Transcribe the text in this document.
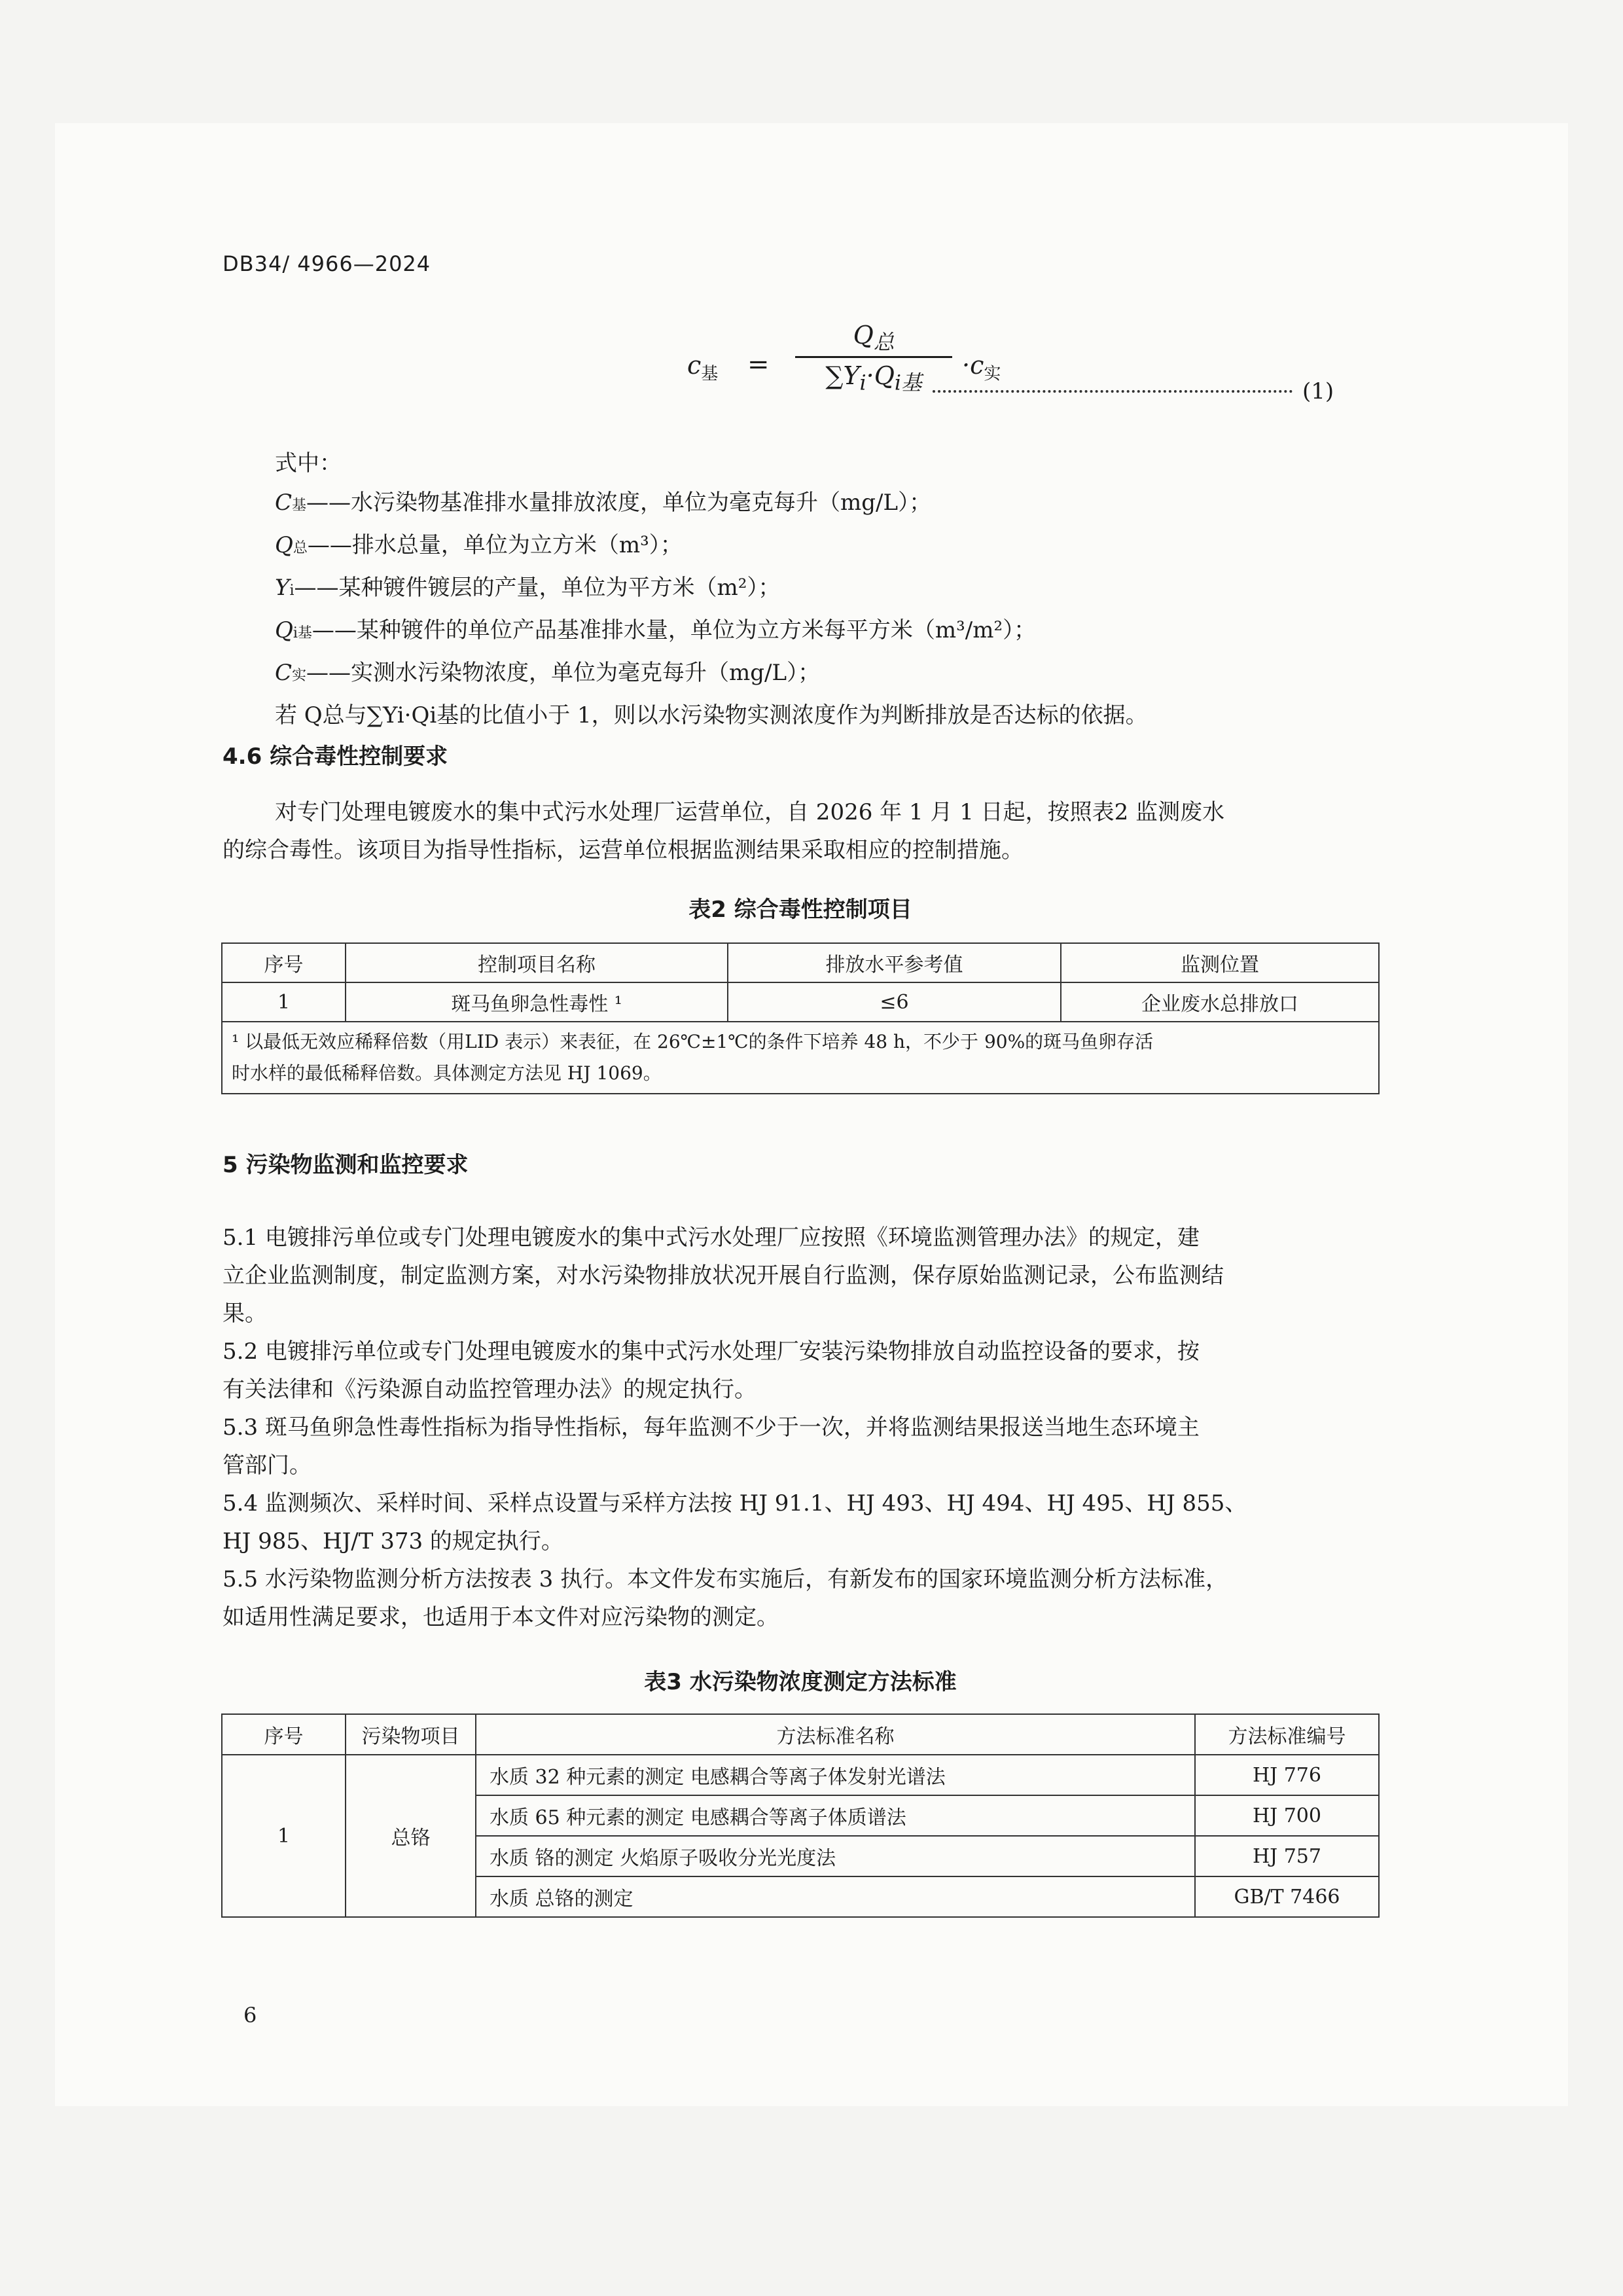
DB34/ 4966—2024
$c_基$ =
$Q_总$
$\sum Y_i\cdot Q_{i基}$
$\cdot c_实$
(1)
式中：
C基——水污染物基准排水量排放浓度，单位为毫克每升（mg/L）；
Q总——排水总量，单位为立方米（m³）；
Yi——某种镀件镀层的产量，单位为平方米（m²）；
Qi基——某种镀件的单位产品基准排水量，单位为立方米每平方米（m³/m²）；
C实——实测水污染物浓度，单位为毫克每升（mg/L）；
若 Q总与∑Yi·Qi基的比值小于 1，则以水污染物实测浓度作为判断排放是否达标的依据。
4.6 综合毒性控制要求
对专门处理电镀废水的集中式污水处理厂运营单位，自 2026 年 1 月 1 日起，按照表2 监测废水
的综合毒性。该项目为指导性指标，运营单位根据监测结果采取相应的控制措施。
表2 综合毒性控制项目
序号	控制项目名称	排放水平参考值	监测位置
1	斑马鱼卵急性毒性 ¹	≤6	企业废水总排放口

¹ 以最低无效应稀释倍数（用LID 表示）来表征，在 26℃±1℃的条件下培养 48 h，不少于 90%的斑马鱼卵存活
时水样的最低稀释倍数。具体测定方法见 HJ 1069。			
5 污染物监测和监控要求
5.1 电镀排污单位或专门处理电镀废水的集中式污水处理厂应按照《环境监测管理办法》的规定，建
立企业监测制度，制定监测方案，对水污染物排放状况开展自行监测，保存原始监测记录，公布监测结
果。
5.2 电镀排污单位或专门处理电镀废水的集中式污水处理厂安装污染物排放自动监控设备的要求，按
有关法律和《污染源自动监控管理办法》的规定执行。
5.3 斑马鱼卵急性毒性指标为指导性指标，每年监测不少于一次，并将监测结果报送当地生态环境主
管部门。
5.4 监测频次、采样时间、采样点设置与采样方法按 HJ 91.1、HJ 493、HJ 494、HJ 495、HJ 855、
HJ 985、HJ/T 373 的规定执行。
5.5 水污染物监测分析方法按表 3 执行。本文件发布实施后，有新发布的国家环境监测分析方法标准，
如适用性满足要求，也适用于本文件对应污染物的测定。
表3 水污染物浓度测定方法标准
序号	污染物项目	方法标准名称	方法标准编号
1	总铬	水质 32 种元素的测定 电感耦合等离子体发射光谱法	HJ 776
		水质 65 种元素的测定 电感耦合等离子体质谱法	HJ 700
		水质 铬的测定 火焰原子吸收分光光度法	HJ 757
		水质 总铬的测定	GB/T 7466
6
